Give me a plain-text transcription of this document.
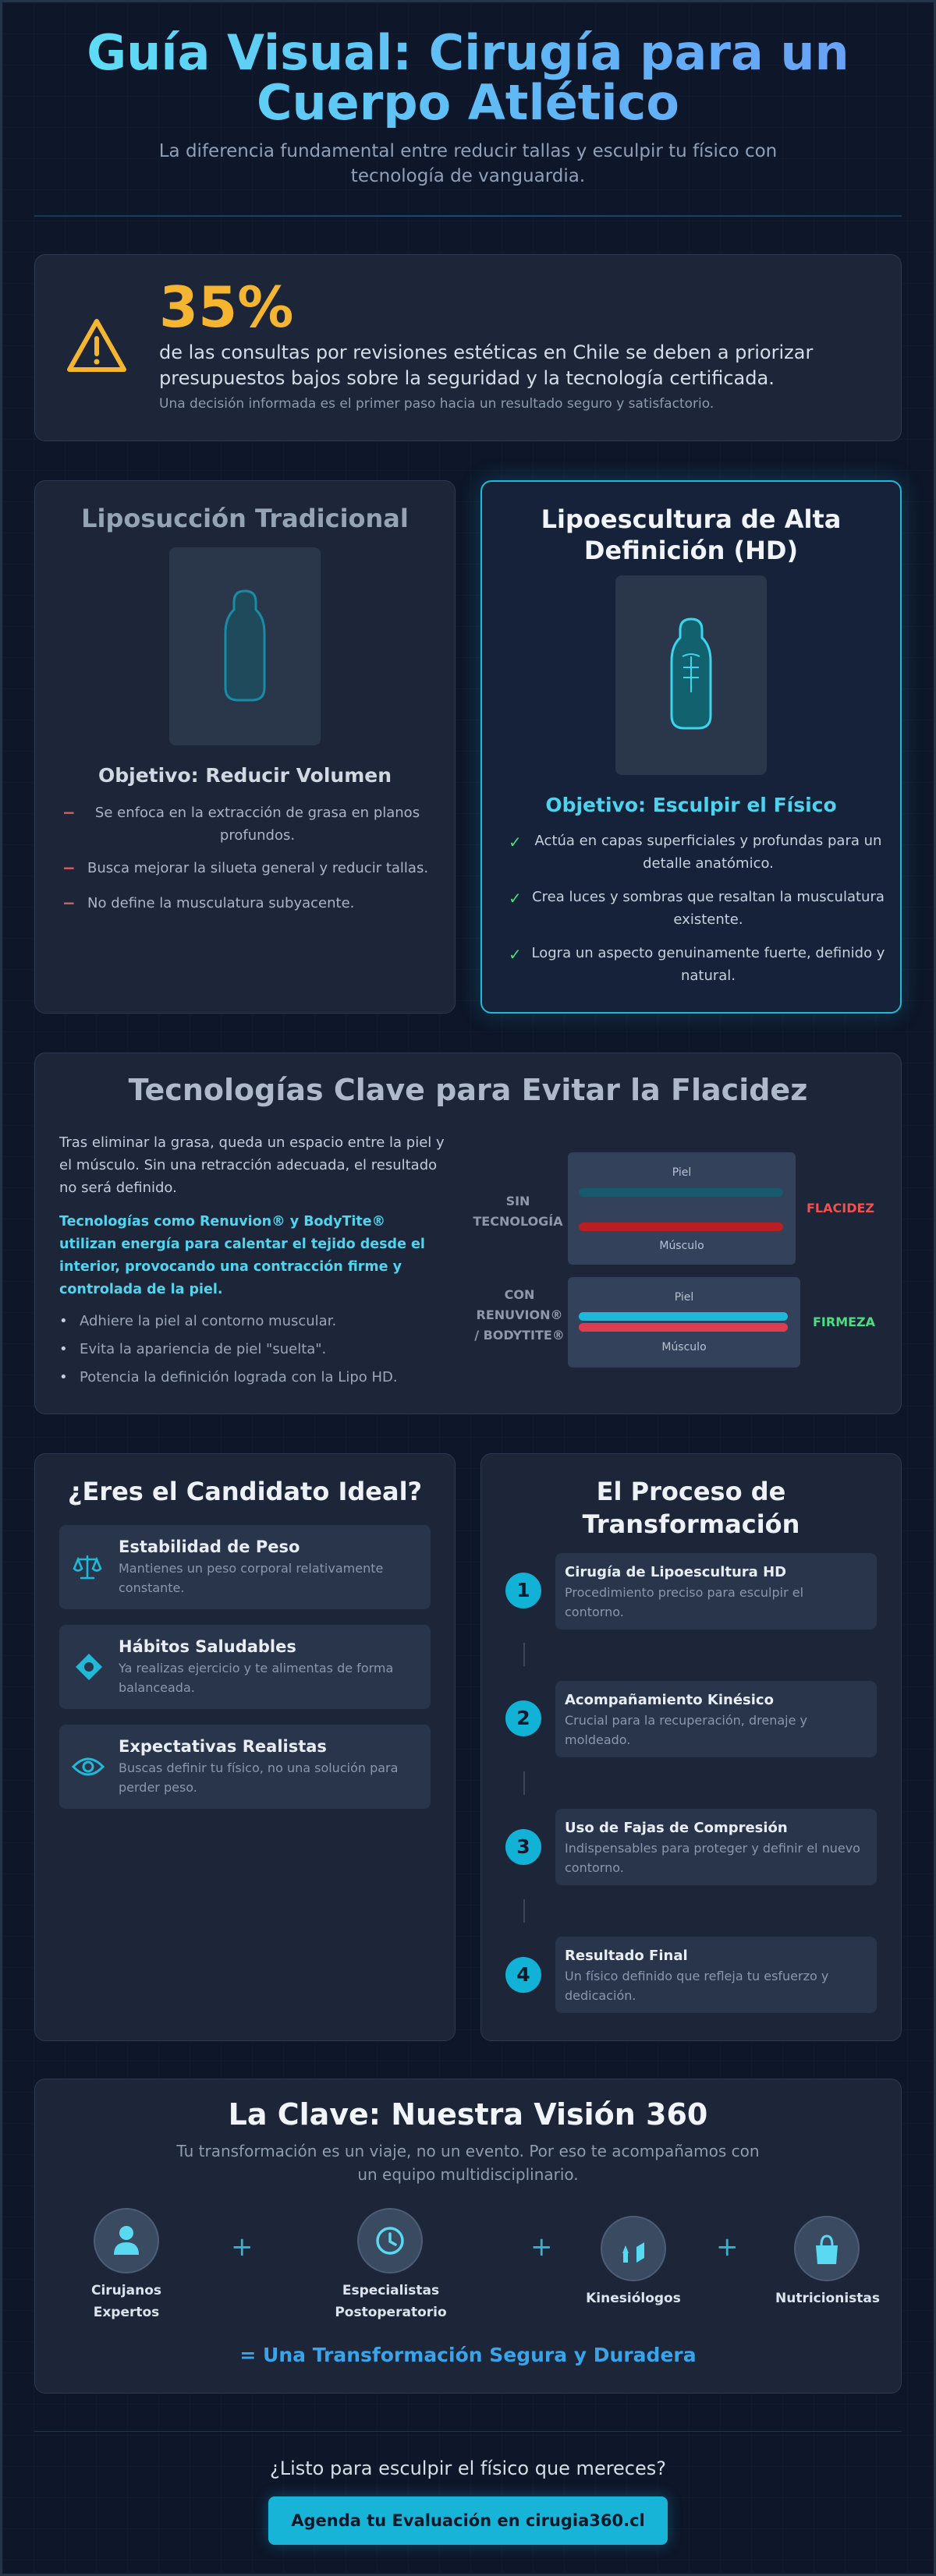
Guía Visual: Cirugía para un Cuerpo Atlético
La diferencia fundamental entre reducir tallas y esculpir tu físico con tecnología de vanguardia.
35%
de las consultas por revisiones estéticas en Chile se deben a priorizar presupuestos bajos sobre la seguridad y la tecnología certificada.
Una decisión informada es el primer paso hacia un resultado seguro y satisfactorio.
Liposucción Tradicional
Objetivo: Reducir Volumen
−	Se enfoca en la extracción de grasa en planos profundos.
− Busca mejorar la silueta general y reducir tallas.
− No define la musculatura subyacente.
Lipoescultura de Alta Definición (HD)
Objetivo: Esculpir el Físico
✓ Actúa en capas superficiales y profundas para un detalle anatómico.
✓ Crea luces y sombras que resaltan la musculatura existente.
✓ Logra un aspecto genuinamente fuerte, definido y natural.
Tecnologías Clave para Evitar la Flacidez
Tras eliminar la grasa, queda un espacio entre la piel y el músculo. Sin una retracción adecuada, el resultado no será definido.
Tecnologías como Renuvion® y BodyTite® utilizan energía para calentar el tejido desde el interior, provocando una contracción firme y controlada de la piel.
• Adhiere la piel al contorno muscular.
• Evita la apariencia de piel "suelta".
• Potencia la definición lograda con la Lipo HD.
SIN TECNOLOGÍA
Piel
Músculo
FLACIDEZ
CON RENUVION® / BODYTITE®
Piel
Músculo
FIRMEZA
¿Eres el Candidato Ideal?
Estabilidad de Peso
Mantienes un peso corporal relativamente constante.
Hábitos Saludables
Ya realizas ejercicio y te alimentas de forma balanceada.
Expectativas Realistas
Buscas definir tu físico, no una solución para perder peso.
El Proceso de Transformación
1
Cirugía de Lipoescultura HD
Procedimiento preciso para esculpir el contorno.
2
Acompañamiento Kinésico
Crucial para la recuperación, drenaje y moldeado.
3
Uso de Fajas de Compresión
Indispensables para proteger y definir el nuevo contorno.
4
Resultado Final
Un físico definido que refleja tu esfuerzo y dedicación.
La Clave: Nuestra Visión 360
Tu transformación es un viaje, no un evento. Por eso te acompañamos con un equipo multidisciplinario.
Cirujanos Expertos
+
Especialistas Postoperatorio
+
Kinesiólogos
+
Nutricionistas
= Una Transformación Segura y Duradera
¿Listo para esculpir el físico que mereces?
Agenda tu Evaluación en cirugia360.cl
